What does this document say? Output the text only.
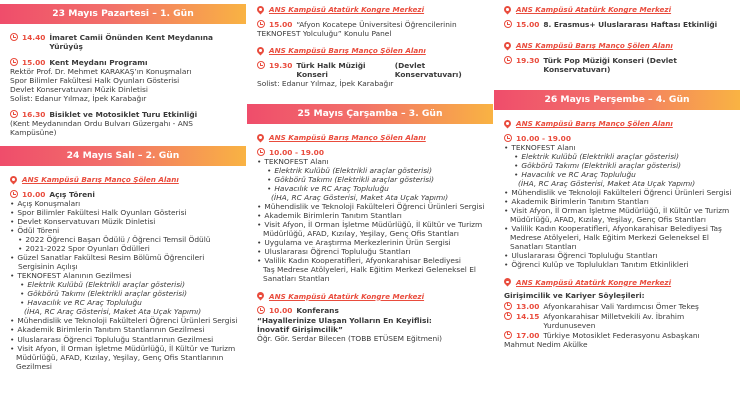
23 Mayıs Pazartesi – 1. Gün
14.40 İmaret Camii Önünden Kent Meydanına Yürüyüş
15.00 Kent Meydanı Programı
Rektör Prof. Dr. Mehmet KARAKAŞ’ın Konuşmaları
Spor Bilimler Fakültesi Halk Oyunları Gösterisi
Devlet Konservatuvarı Müzik Dinletisi
Solist: Edanur Yılmaz, İpek Karabağır
16.30 Bisiklet ve Motosiklet Turu Etkinliği
(Kent Meydanından Ordu Bulvarı Güzergahı - ANS Kampüsüne)
24 Mayıs Salı – 2. Gün
ANS Kampüsü Barış Manço Şölen Alanı
10.00 Açış Töreni
• Açış Konuşmaları
• Spor Bilimler Fakültesi Halk Oyunları Gösterisi
• Devlet Konservatuvarı Müzik Dinletisi
• Ödül Töreni
• 2022 Öğrenci Başarı Ödülü / Öğrenci Temsil Ödülü
• 2021-2022 Spor Oyunları Ödülleri
• Güzel Sanatlar Fakültesi Resim Bölümü Öğrencileri
Sergisinin Açılışı
• TEKNOFEST Alanının Gezilmesi
• Elektrik Kulübü (Elektrikli araçlar gösterisi)
• Gökbörü Takımı (Elektrikli araçlar gösterisi)
• Havacılık ve RC Araç Topluluğu
(İHA, RC Araç Gösterisi, Maket Ata Uçak Yapımı)
• Mühendislik ve Teknoloji Fakülteleri Öğrenci Ürünleri Sergisi
• Akademik Birimlerin Tanıtım Stantlarının Gezilmesi
• Uluslararası Öğrenci Topluluğu Stantlarının Gezilmesi
• Visit Afyon, İl Orman İşletme Müdürlüğü, İl Kültür ve Turizm
Müdürlüğü, AFAD, Kızılay, Yeşilay, Genç Ofis Stantlarının Gezilmesi
ANS Kampüsü Atatürk Kongre Merkezi
15.00 “Afyon Kocatepe Üniversitesi Öğrencilerinin
TEKNOFEST Yolculuğu” Konulu Panel
ANS Kampüsü Barış Manço Şölen Alanı
19.30 Türk Halk Müziği Konseri
(Devlet Konservatuvarı)
Solist: Edanur Yılmaz, İpek Karabağır
25 Mayıs Çarşamba – 3. Gün
ANS Kampüsü Barış Manço Şölen Alanı
10.00 - 19.00
• TEKNOFEST Alanı
• Elektrik Kulübü (Elektrikli araçlar gösterisi)
• Gökbörü Takımı (Elektrikli araçlar gösterisi)
• Havacılık ve RC Araç Topluluğu
(İHA, RC Araç Gösterisi, Maket Ata Uçak Yapımı)
• Mühendislik ve Teknoloji Fakülteleri Öğrenci Ürünleri Sergisi
• Akademik Birimlerin Tanıtım Stantları
• Visit Afyon, İl Orman İşletme Müdürlüğü, İl Kültür ve Turizm
Müdürlüğü, AFAD, Kızılay, Yeşilay, Genç Ofis Stantları
• Uygulama ve Araştırma Merkezlerinin Ürün Sergisi
• Uluslararası Öğrenci Topluluğu Stantları
• Valilik Kadın Kooperatifleri, Afyonkarahisar Belediyesi
Taş Medrese Atölyeleri, Halk Eğitim Merkezi Geleneksel El
Sanatları Stantları
ANS Kampüsü Atatürk Kongre Merkezi
10.00 Konferans
“Hayallerinize Ulaşan Yolların En Keyiflisi:
İnovatif Girişimcilik”
Öğr. Gör. Serdar Bilecen (TOBB ETÜSEM Eğitmeni)
ANS Kampüsü Atatürk Kongre Merkezi
15.00 8. Erasmus+ Uluslararası Haftası Etkinliği
ANS Kampüsü Barış Manço Şölen Alanı
19.30 Türk Pop Müziği Konseri (Devlet Konservatuvarı)
26 Mayıs Perşembe – 4. Gün
ANS Kampüsü Barış Manço Şölen Alanı
10.00 - 19.00
• TEKNOFEST Alanı
• Elektrik Kulübü (Elektrikli araçlar gösterisi)
• Gökbörü Takımı (Elektrikli araçlar gösterisi)
• Havacılık ve RC Araç Topluluğu
(İHA, RC Araç Gösterisi, Maket Ata Uçak Yapımı)
• Mühendislik ve Teknoloji Fakülteleri Öğrenci Ürünleri Sergisi
• Akademik Birimlerin Tanıtım Stantları
• Visit Afyon, İl Orman İşletme Müdürlüğü, İl Kültür ve Turizm
Müdürlüğü, AFAD, Kızılay, Yeşilay, Genç Ofis Stantları
• Valilik Kadın Kooperatifleri, Afyonkarahisar Belediyesi Taş
Medrese Atölyeleri, Halk Eğitim Merkezi Geleneksel El
Sanatları Stantları
• Uluslararası Öğrenci Topluluğu Stantları
• Öğrenci Kulüp ve Toplulukları Tanıtım Etkinlikleri
ANS Kampüsü Atatürk Kongre Merkezi
Girişimcilik ve Kariyer Söyleşileri:
13.00 Afyonkarahisar Vali Yardımcısı Ömer Tekeş
14.15 Afyonkarahisar Milletvekili Av. İbrahim Yurdunuseven
17.00 Türkiye Motosiklet Federasyonu Asbaşkanı
Mahmut Nedim Akülke
